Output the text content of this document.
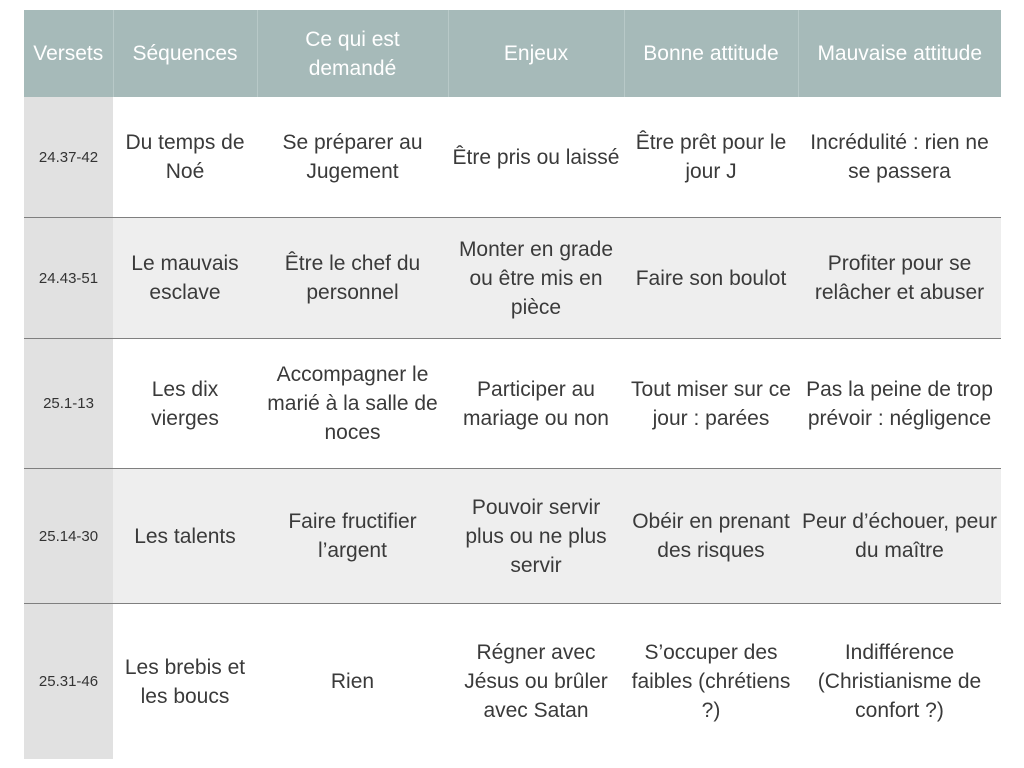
Versets	Séquences	Ce qui est demandé	Enjeux	Bonne attitude	Mauvaise attitude
24.37-42	Du temps de Noé	Se préparer au Jugement	Être pris ou laissé	Être prêt pour le jour J	Incrédulité : rien ne se passera
24.43-51	Le mauvais esclave	Être le chef du personnel	Monter en grade ou être mis en pièce	Faire son boulot	Profiter pour se relâcher et abuser
25.1-13	Les dix vierges	Accompagner le marié à la salle de noces	Participer au mariage ou non	Tout miser sur ce jour : parées	Pas la peine de trop prévoir : négligence
25.14-30	Les talents	Faire fructifier l’argent	Pouvoir servir plus ou ne plus servir	Obéir en prenant des risques	Peur d’échouer, peur du maître
25.31-46	Les brebis et les boucs	Rien	Régner avec Jésus ou brûler avec Satan	S’occuper des faibles (chrétiens ?)	Indifférence (Christianisme de confort ?)
